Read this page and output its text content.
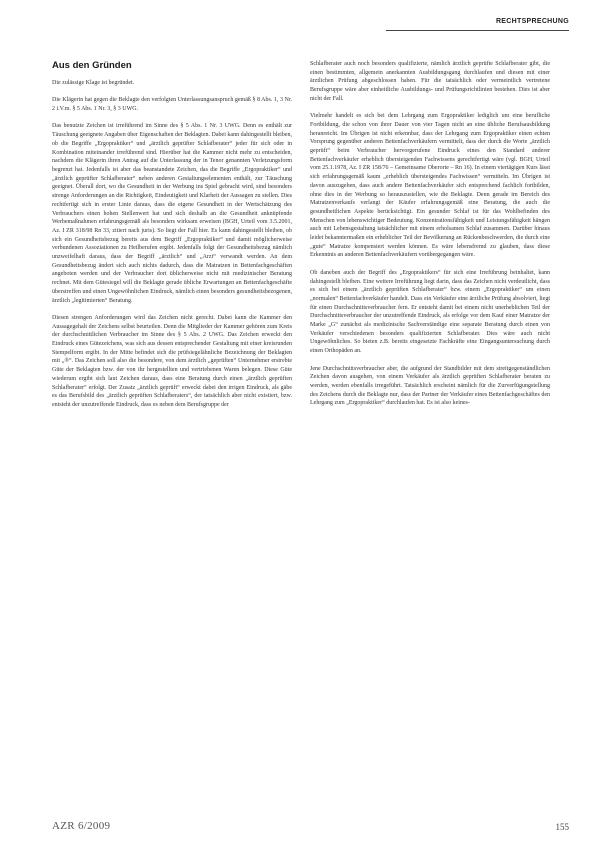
RECHTSPRECHUNG
Aus den Gründen

Die zulässige Klage ist begründet.

Die Klägerin hat gegen die Beklagte den verfolgten Unterlassungsanspruch gemäß § 8 Abs. 1, 3 Nr. 2 i.V.m. § 5 Abs. 1 Nr. 3, § 3 UWG.

Das benutzte Zeichen ist irreführend im Sinne des § 5 Abs. 1 Nr. 3 UWG. Denn es enthält zur Täuschung geeignete Angaben über Eigenschaften der Beklagten. Dabei kann dahingestellt bleiben, ob die Begriffe „Ergopraktiker“ und „ärztlich geprüfter Schlafberater“ jeder für sich oder in Kombination miteinander irreführend sind. Hierüber hat die Kammer nicht mehr zu entscheiden, nachdem die Klägerin ihren Antrag auf die Unterlassung der in Tenor genannten Verletzungsform begrenzt hat. Jedenfalls ist aber das beanstandete Zeichen, das die Begriffe „Ergopraktiker“ und „ärztlich geprüfter Schlafberater“ neben anderen Gestaltungselementen enthält, zur Täuschung geeignet. Überall dort, wo die Gesundheit in der Werbung ins Spiel gebracht wird, sind besonders strenge Anforderungen an die Richtigkeit, Eindeutigkeit und Klarheit der Aussagen zu stellen. Dies rechtfertigt sich in erster Linie daraus, dass die eigene Gesundheit in der Wertschätzung des Verbrauchers einen hohen Stellenwert hat und sich deshalb an die Gesundheit anknüpfende Werbemaßnahmen erfahrungsgemäß als besonders wirksam erweisen (BGH, Urteil vom 3.5.2001, Az. I ZR 318/98 Rn 33, zitiert nach juris). So liegt der Fall hier. Es kann dahingestellt bleiben, ob sich ein Gesundheitsbezug bereits aus dem Begriff „Ergopraktiker“ und damit möglicherweise verbundenen Assoziationen zu Heilberufen ergibt. Jedenfalls folgt der Gesundheitsbezug nämlich unzweifelhaft daraus, dass der Begriff „ärztlich“ und „Arzt“ verwandt werden. An dem Gesundheitsbezug ändert sich auch nichts dadurch, dass die Matratzen in Bettenfachgeschäften angeboten werden und der Verbraucher dort üblicherweise nicht mit medizinischer Beratung rechnet. Mit dem Gütesiegel will die Beklagte gerade übliche Erwartungen an Bettenfachgeschäfte überstreffen und einen Ungewöhnlichen Eindruck, nämlich einen besonders gesundheitsbezogenen, ärztlich „legitimierten“ Beratung.

Diesen strengen Anforderungen wird das Zeichen nicht gerecht. Dabei kann die Kammer den Aussagegehalt der Zeichens selbst beurteilen. Denn die Mitglieder der Kammer gehören zum Kreis der durchschnittlichen Verbraucher im Sinne des § 5 Abs. 2 UWG. Das Zeichen erweckt den Eindruck eines Gütezeichens, was sich aus dessen entsprechender Gestaltung mit einer kreisrunden Stempelform ergibt. In der Mitte befindet sich die prüfsiegelähnliche Bezeichnung der Beklagten mit „®“. Das Zeichen soll also die besondere, von dem ärztlich „geprüften“ Unternehmer erstrebte Güte der Beklagten bzw. der von ihr hergestellten und vertriebenen Waren belegen. Diese Güte wiederum ergibt sich laut Zeichen daraus, dass eine Beratung durch einen „ärztlich geprüften Schlafberater“ erfolgt. Der Zusatz „ärztlich geprüft“ erweckt dabei den irrigen Eindruck, als gäbe es das Berufsbild des „ärztlich geprüften Schlafberaters“, der tatsächlich aber nicht existiert, bzw. entsteht der unzutreffende Eindruck, dass es neben dem Berufsgruppe der

Schlafberater auch noch besonders qualifizierte, nämlich ärztlich geprüfte Schlafberater gibt, die einen bestimmten, allgemein anerkannten Ausbildungsgang durchlaufen und diesen mit einer ärztlichen Prüfung abgeschlossen haben. Für die tatsächlich oder vermeintlich vertretene Berufsgruppe wäre aber einheitliche Ausbildungs- und Prüfungsrichtlinien bestehen. Dies ist aber nicht der Fall.

Vielmehr handelt es sich bei dem Lehrgang zum Ergopraktiker lediglich um eine berufliche Fortbildung, die schon von ihrer Dauer von vier Tagen nicht an eine übliche Berufsausbildung heranreicht. Im Übrigen ist nicht erkennbar, dass der Lehrgang zum Ergopraktiker einen echten Vorsprung gegenüber anderen Bettenfachverkäufern vermittelt, dass der durch die Worte „ärztlich geprüft“ beim Verbraucher hervorgerufene Eindruck eines den Standard anderer Bettenfachverkäufer erheblich übersteigenden Fachwissens gerechtfertigt wäre (vgl. BGH, Urteil vom 25.1.1978, Az. I ZR 158/76 – Gemeinsame Oberorte – Rn 16). In einem viertägigen Kurs lässt sich erfahrungsgemäß kaum „erheblich übersteigendes Fachwissen“ vermitteln. Im Übrigen ist davon auszugehen, dass auch andere Bettenfachverkäufer sich entsprechend fachlich fortbilden, ohne dies in der Werbung so herauszustellen, wie die Beklagte. Denn gerade im Bereich des Matratzenverkaufs verlangt der Käufer erfahrungsgemäß eine Beratung, die auch die gesundheitlichen Aspekte berücksichtigt. Ein gesunder Schlaf ist für das Wohlbefinden des Menschen von lebenswichtiger Bedeutung. Konzentrationsfähigkeit und Leistungsfähigkeit hängen auch mit Lebensgestaltung tatsächlicher mit einem erholsamen Schlaf zusammen. Darüber hinaus leidet bekanntermaßen ein erheblicher Teil der Bevölkerung an Rückenbeschwerden, die durch eine „gute“ Matratze kompensiert werden können. Es wäre lebensfremd zu glauben, dass diese Erkenntnis an anderen Bettenfachverkäufern vorübergegangen wäre.

Ob daneben auch der Begriff des „Ergopraktikers“ für sich eine Irreführung beinhaltet, kann dahingestellt bleiben. Eine weitere Irreführung liegt darin, dass das Zeichen nicht verdeutlicht, dass es sich bei einem „ärztlich geprüften Schlafberater“ bzw. einem „Ergopraktiker“ um einen „normalen“ Bettenfachverkäufer handelt. Dass ein Verkäufer eine ärztliche Prüfung absolviert, liegt für einen Durchschnittsverbraucher fern. Er entsteht damit bei einem nicht unerheblichen Teil der Durchschnittsverbraucher der unzutreffende Eindruck, als erfolge vor dem Kauf einer Matratze der Marke „G“ zunächst als medizinische Sachverständige eine separate Beratung durch einen von Verkäufer verschiedenen besonders qualifizierten Schlafberater. Dies wäre auch nicht Ungewöhnliches. So bieten z.B. bereits eingesetzte Fachkräfte eine Eingangsuntersuchung durch einen Orthopäden an.

Jene Durchschnittsverbraucher aber, die aufgrund der Standbilder mit dem streitgegenständlichen Zeichen davon ausgehen, von einem Verkäufer als ärztlich geprüften Schlafberater beraten zu werden, werden ebenfalls irregeführt. Tatsächlich erscheint nämlich für die Zurverfügungstellung des Zeichens durch die Beklagte nur, dass der Partner der Verkäufer eines Bettenfachgeschäftes den Lehrgang zum „Ergopraktiker“ durchlaufen hat. Es ist also keines-

AZR 6/2009	155
